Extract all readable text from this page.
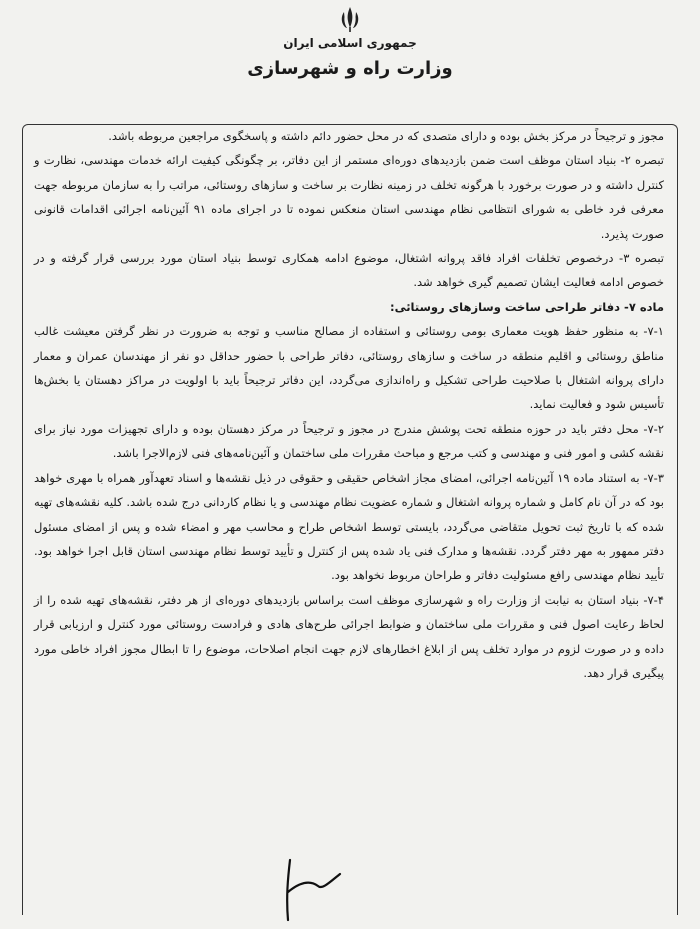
جمهوری اسلامی ایران
وزارت راه و شهرسازی

مجوز و ترجیحاً در مرکز بخش بوده و دارای متصدی که در محل حضور دائم داشته و پاسخگوی مراجعین مربوطه باشد.

تبصره ۲- بنیاد استان موظف است ضمن بازدیدهای دوره‌ای مستمر از این دفاتر، بر چگونگی کیفیت ارائه خدمات مهندسی، نظارت و کنترل داشته و در صورت برخورد با هرگونه تخلف در زمینه نظارت بر ساخت و سازهای روستائی، مراتب را به سازمان مربوطه جهت معرفی فرد خاطی به شورای انتظامی نظام مهندسی استان منعکس نموده تا در اجرای ماده ۹۱ آئین‌نامه اجرائی اقدامات قانونی صورت پذیرد.

تبصره ۳- درخصوص تخلفات افراد فاقد پروانه اشتغال، موضوع ادامه همکاری توسط بنیاد استان مورد بررسی قرار گرفته و در خصوص ادامه فعالیت ایشان تصمیم گیری خواهد شد.

ماده ۷- دفاتر طراحی ساخت وسازهای روستائی:

۷-۱- به منظور حفظ هویت معماری بومی روستائی و استفاده از مصالح مناسب و توجه به ضرورت در نظر گرفتن معیشت غالب مناطق روستائی و اقلیم منطقه در ساخت و سازهای روستائی، دفاتر طراحی با حضور حداقل دو نفر از مهندسان عمران و معمار دارای پروانه اشتغال با صلاحیت طراحی تشکیل و راه‌اندازی می‌گردد، این دفاتر ترجیحاً باید با اولویت در مراکز دهستان یا بخش‌ها تأسیس شود و فعالیت نماید.

۷-۲- محل دفتر باید در حوزه منطقه تحت پوشش مندرج در مجوز و ترجیحاً در مرکز دهستان بوده و دارای تجهیزات مورد نیاز برای نقشه کشی و امور فنی و مهندسی و کتب مرجع و مباحث مقررات ملی ساختمان و آئین‌نامه‌های فنی لازم‌الاجرا باشد.

۷-۳- به استناد ماده ۱۹ آئین‌نامه اجرائی، امضای مجاز اشخاص حقیقی و حقوقی در ذیل نقشه‌ها و اسناد تعهدآور همراه با مهری خواهد بود که در آن نام کامل و شماره پروانه اشتغال و شماره عضویت نظام مهندسی و یا نظام کاردانی درج شده باشد. کلیه نقشه‌های تهیه شده که با تاریخ ثبت تحویل متقاضی می‌گردد، بایستی توسط اشخاص طراح و محاسب مهر و امضاء شده و پس از امضای مسئول دفتر ممهور به مهر دفتر گردد. نقشه‌ها و مدارک فنی یاد شده پس از کنترل و تأیید توسط نظام مهندسی استان قابل اجرا خواهد بود. تأیید نظام مهندسی رافع مسئولیت دفاتر و طراحان مربوط نخواهد بود.

۷-۴- بنیاد استان به نیابت از وزارت راه و شهرسازی موظف است براساس بازدیدهای دوره‌ای از هر دفتر، نقشه‌های تهیه شده را از لحاظ رعایت اصول فنی و مقررات ملی ساختمان و ضوابط اجرائی طرح‌های هادی و فرادست روستائی مورد کنترل و ارزیابی قرار داده و در صورت لزوم در موارد تخلف پس از ابلاغ اخطارهای لازم جهت انجام اصلاحات، موضوع را تا ابطال مجوز افراد خاطی مورد پیگیری قرار دهد.
